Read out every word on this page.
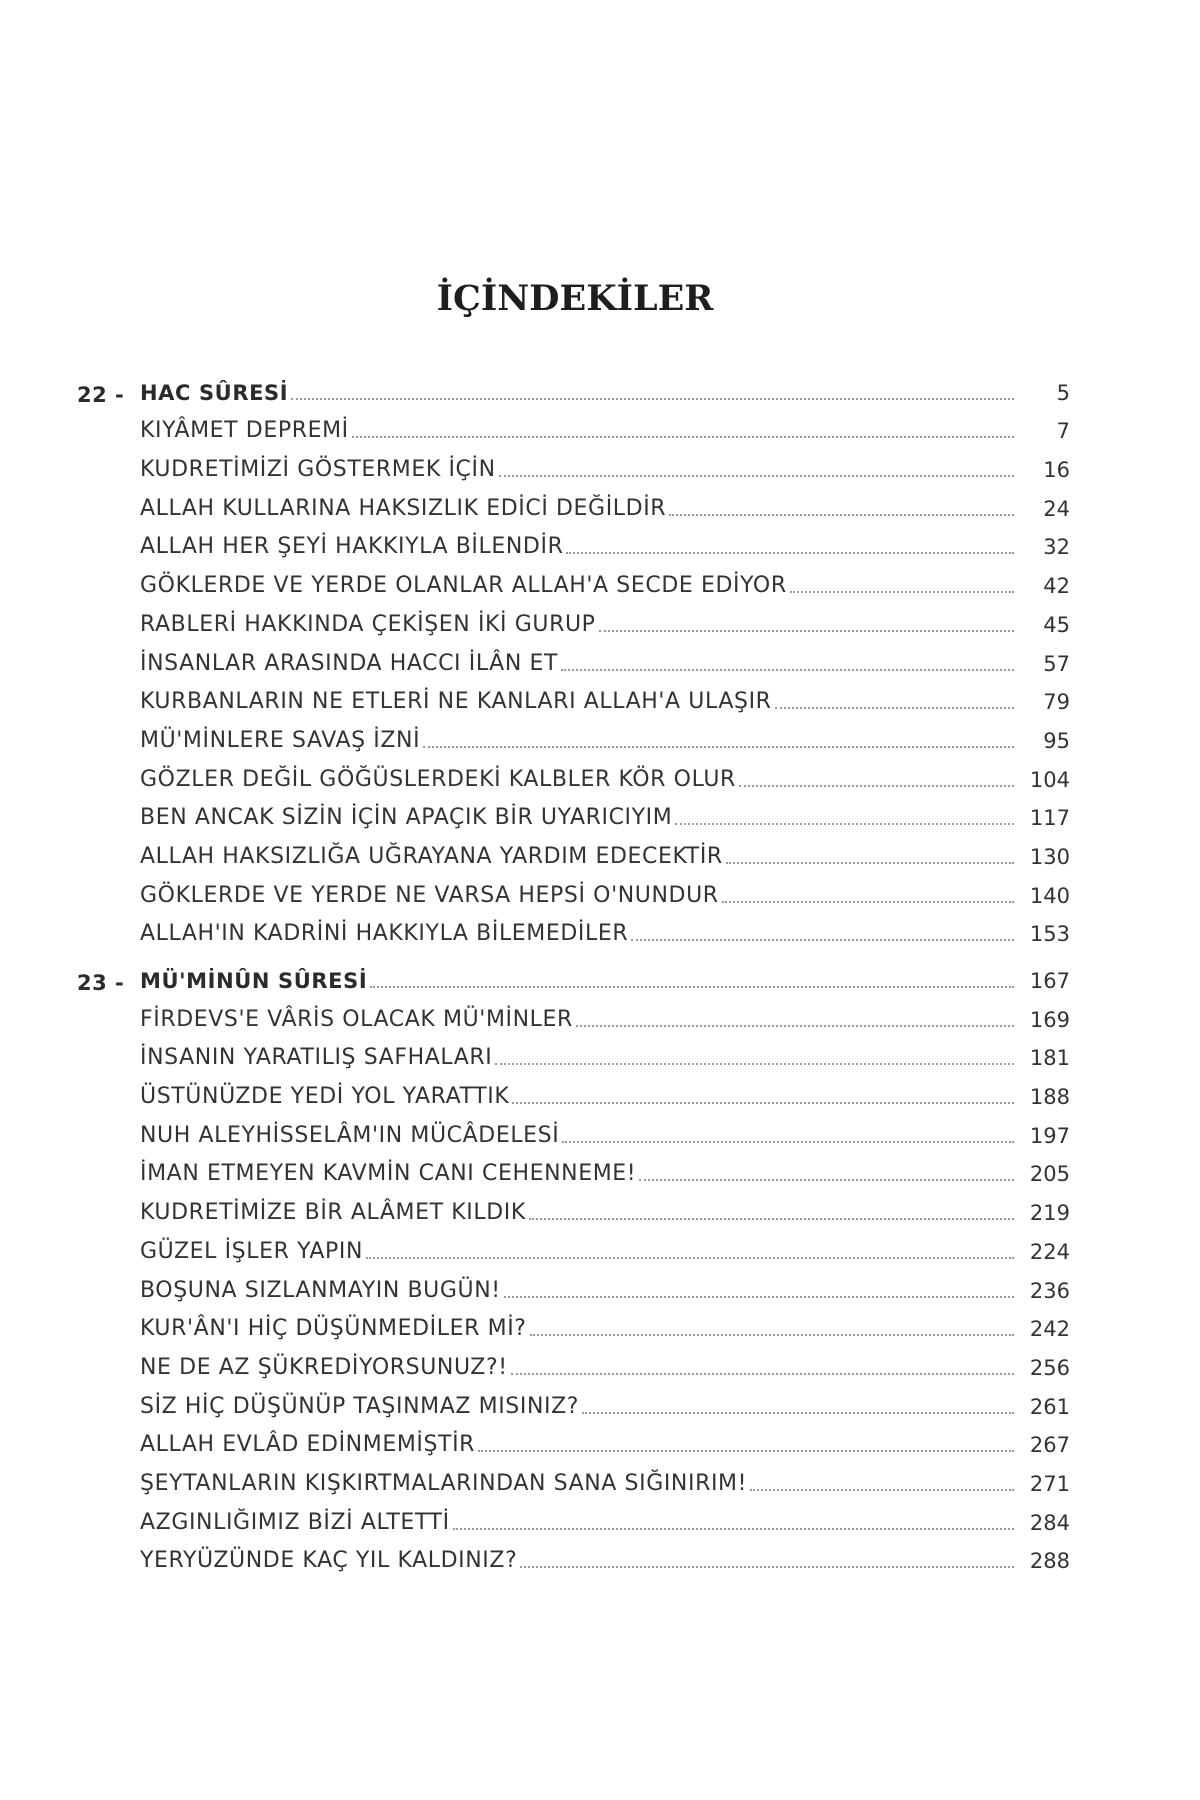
İÇİNDEKİLER
22 - HAC SÛRESİ	5
KIYÂMET DEPREMİ	7
KUDRETİMİZİ GÖSTERMEK İÇİN	16
ALLAH KULLARINA HAKSIZLIK EDİCİ DEĞİLDİR	24
ALLAH HER ŞEYİ HAKKIYLA BİLENDİR	32
GÖKLERDE VE YERDE OLANLAR ALLAH'A SECDE EDİYOR	42
RABLERİ HAKKINDA ÇEKİŞEN İKİ GURUP	45
İNSANLAR ARASINDA HACCI İLÂN ET	57
KURBANLARIN NE ETLERİ NE KANLARI ALLAH'A ULAŞIR	79
MÜ'MİNLERE SAVAŞ İZNİ	95
GÖZLER DEĞİL GÖĞÜSLERDEKİ KALBLER KÖR OLUR	104
BEN ANCAK SİZİN İÇİN APAÇIK BİR UYARICIYIM	117
ALLAH HAKSIZLIĞA UĞRAYANA YARDIM EDECEKTİR	130
GÖKLERDE VE YERDE NE VARSA HEPSİ O'NUNDUR	140
ALLAH'IN KADRİNİ HAKKIYLA BİLEMEDİLER	153
23 - MÜ'MİNÛN SÛRESİ	167
FİRDEVS'E VÂRİS OLACAK MÜ'MİNLER	169
İNSANIN YARATILIŞ SAFHALARI	181
ÜSTÜNÜZDE YEDİ YOL YARATTIK	188
NUH ALEYHİSSELÂM'IN MÜCÂDELESİ	197
İMAN ETMEYEN KAVMİN CANI CEHENNEME!	205
KUDRETİMİZE BİR ALÂMET KILDIK	219
GÜZEL İŞLER YAPIN	224
BOŞUNA SIZLANMAYIN BUGÜN!	236
KUR'ÂN'I HİÇ DÜŞÜNMEDİLER Mİ?	242
NE DE AZ ŞÜKREDİYORSUNUZ?!	256
SİZ HİÇ DÜŞÜNÜP TAŞINMAZ MISINIZ?	261
ALLAH EVLÂD EDİNMEMİŞTİR	267
ŞEYTANLARIN KIŞKIRTMALARINDAN SANA SIĞINIRIM!	271
AZGINLIĞIMIZ BİZİ ALTETTİ	284
YERYÜZÜNDE KAÇ YIL KALDINIZ?	288
